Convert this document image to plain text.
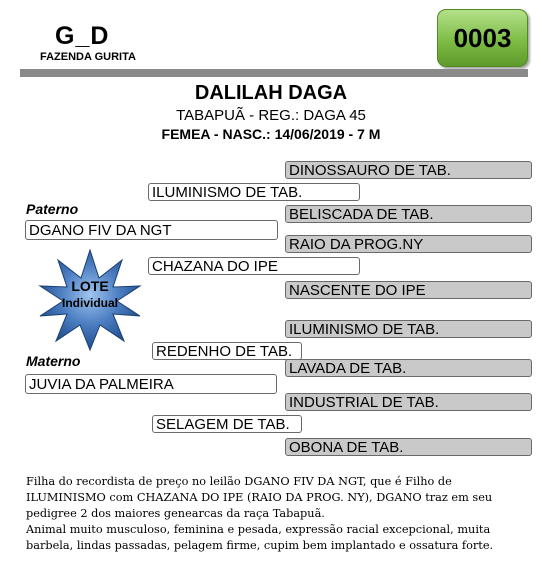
G_D
FAZENDA GURITA
0003
DALILAH DAGA
TABAPUÃ - REG.: DAGA 45
FEMEA - NASC.: 14/06/2019 - 7 M
DINOSSAURO DE TAB.
ILUMINISMO DE TAB.
Paterno	BELISCADA DE TAB.
DGANO FIV DA NGT
RAIO DA PROG.NY
CHAZANA DO IPE
NASCENTE DO IPE
LOTE
Individual
ILUMINISMO DE TAB.
REDENHO DE TAB.
Materno	LAVADA DE TAB.
JUVIA DA PALMEIRA
INDUSTRIAL DE TAB.
SELAGEM DE TAB.
OBONA DE TAB.

Filha do recordista de preço no leilão DGANO FIV DA NGT, que é Filho de ILUMINISMO com CHAZANA DO IPE (RAIO DA PROG. NY), DGANO traz em seu pedigree 2 dos maiores genearcas da raça Tabapuã.

Animal muito musculoso, feminina e pesada, expressão racial excepcional, muita barbela, lindas passadas, pelagem firme, cupim bem implantado e ossatura forte.
